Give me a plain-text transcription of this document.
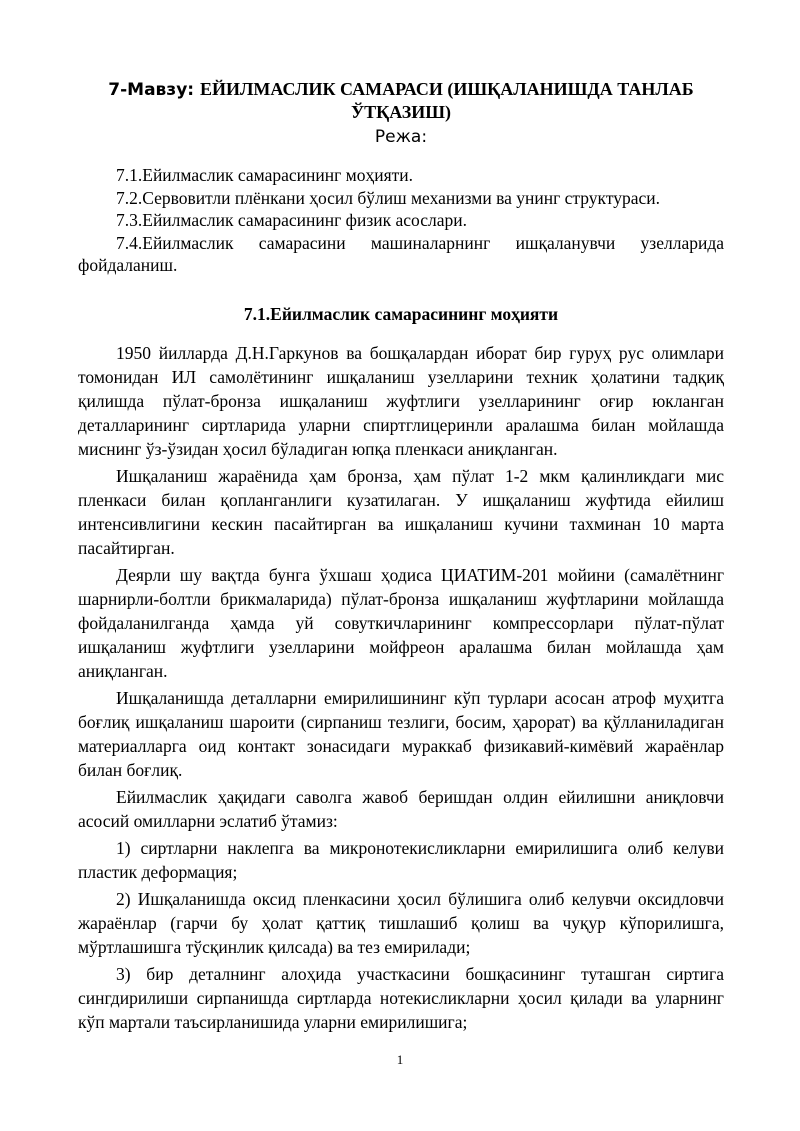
7-Мавзу: ЕЙИЛМАСЛИК САМАРАСИ (ИШҚАЛАНИШДА ТАНЛАБ
ЎТҚАЗИШ)
Режа:

7.1.Ейилмаслик самарасининг моҳияти.

7.2.Сервовитли плёнкани ҳосил бўлиш механизми ва унинг структураси.

7.3.Ейилмаслик самарасининг физик асослари.

7.4.Ейилмаслик самарасини машиналарнинг ишқаланувчи узелларида фойдаланиш.

7.1.Ейилмаслик самарасининг моҳияти

1950 йилларда Д.Н.Гаркунов ва бошқалардан иборат бир гуруҳ рус олимлари томонидан ИЛ самолётининг ишқаланиш узелларини техник ҳолатини тадқиқ қилишда пўлат-бронза ишқаланиш жуфтлиги узелларининг оғир юкланган деталларининг сиртларида уларни спиртглицеринли аралашма билан мойлашда миснинг ўз-ўзидан ҳосил бўладиган юпқа пленкаси аниқланган.

Ишқаланиш жараёнида ҳам бронза, ҳам пўлат 1-2 мкм қалинликдаги мис пленкаси билан қопланганлиги кузатилаган. У ишқаланиш жуфтида ейилиш интенсивлигини кескин пасайтирган ва ишқаланиш кучини тахминан 10 марта пасайтирган.

Деярли шу вақтда бунга ўхшаш ҳодиса ЦИАТИМ-201 мойини (самалётнинг шарнирли-болтли брикмаларида) пўлат-бронза ишқаланиш жуфтларини мойлашда фойдаланилганда ҳамда уй совуткичларининг компрессорлари пўлат-пўлат ишқаланиш жуфтлиги узелларини мойфреон аралашма билан мойлашда ҳам аниқланган.

Ишқаланишда деталларни емирилишининг кўп турлари асосан атроф муҳитга боғлиқ ишқаланиш шароити (сирпаниш тезлиги, босим, ҳарорат) ва қўлланиладиган материалларга оид контакт зонасидаги мураккаб физикавий-кимёвий жараёнлар билан боғлиқ.

Ейилмаслик ҳақидаги саволга жавоб беришдан олдин ейилишни аниқловчи асосий омилларни эслатиб ўтамиз:

1) сиртларни наклепга ва микронотекисликларни емирилишига олиб келуви пластик деформация;

2) Ишқаланишда оксид пленкасини ҳосил бўлишига олиб келувчи оксидловчи жараёнлар (гарчи бу ҳолат қаттиқ тишлашиб қолиш ва чуқур кўпорилишга, мўртлашишга тўсқинлик қилсада) ва тез емирилади;

3) бир деталнинг алоҳида участкасини бошқасининг туташган сиртига сингдирилиши сирпанишда сиртларда нотекисликларни ҳосил қилади ва уларнинг кўп мартали таъсирланишида уларни емирилишига;

1
